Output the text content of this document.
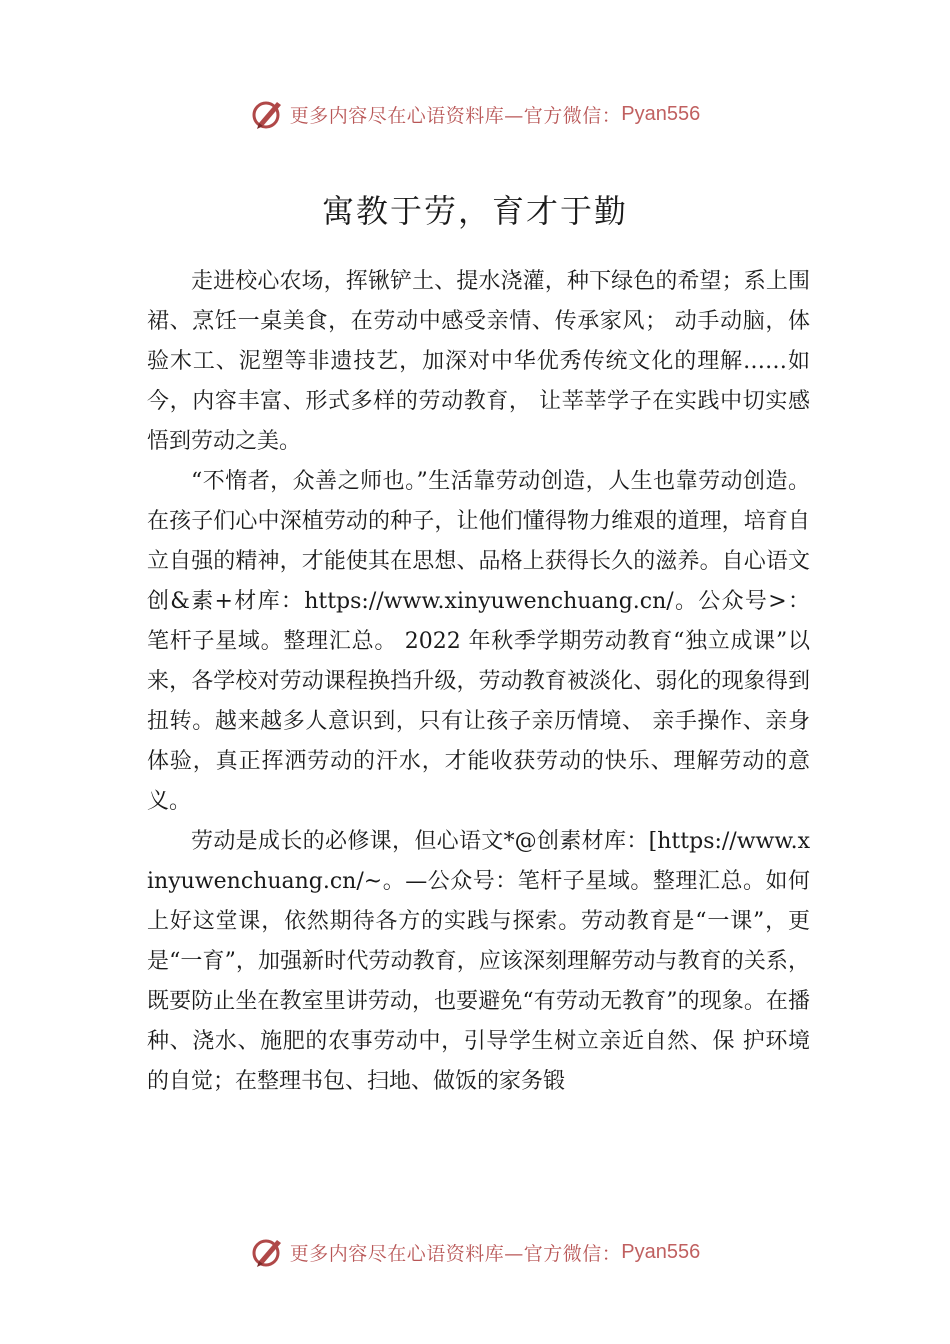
更多内容尽在心语资料库—官方微信： Pyan556
寓教于劳，育才于勤

走进校心农场，挥锹铲土、提水浇灌，种下绿色的希望；系上围裙、烹饪一桌美食，在劳动中感受亲情、传承家风； 动手动脑，体验木工、泥塑等非遗技艺，加深对中华优秀传统文化的理解……如今，内容丰富、形式多样的劳动教育， 让莘莘学子在实践中切实感悟到劳动之美。

“不惰者，众善之师也。”生活靠劳动创造，人生也靠劳动创造。在孩子们心中深植劳动的种子，让他们懂得物力维艰的道理，培育自立自强的精神，才能使其在思想、品格上获得长久的滋养。自心语文创&素+材库：https://www.xinyuwenchuang.cn/。公众号>：笔杆子星域。整理汇总。 2022 年秋季学期劳动教育“独立成课”以来，各学校对劳动课程换挡升级，劳动教育被淡化、弱化的现象得到扭转。越来越多人意识到，只有让孩子亲历情境、 亲手操作、亲身体验，真正挥洒劳动的汗水，才能收获劳动的快乐、理解劳动的意义。

劳动是成长的必修课，但心语文*@创素材库：[https://www.xinyuwenchuang.cn/~。—公众号：笔杆子星域。整理汇总。如何上好这堂课，依然期待各方的实践与探索。劳动教育是“一课”，更是“一育”，加强新时代劳动教育，应该深刻理解劳动与教育的关系，既要防止坐在教室里讲劳动，也要避免“有劳动无教育”的现象。在播种、浇水、施肥的农事劳动中，引导学生树立亲近自然、保 护环境的自觉；在整理书包、扫地、做饭的家务锻

更多内容尽在心语资料库—官方微信： Pyan556
